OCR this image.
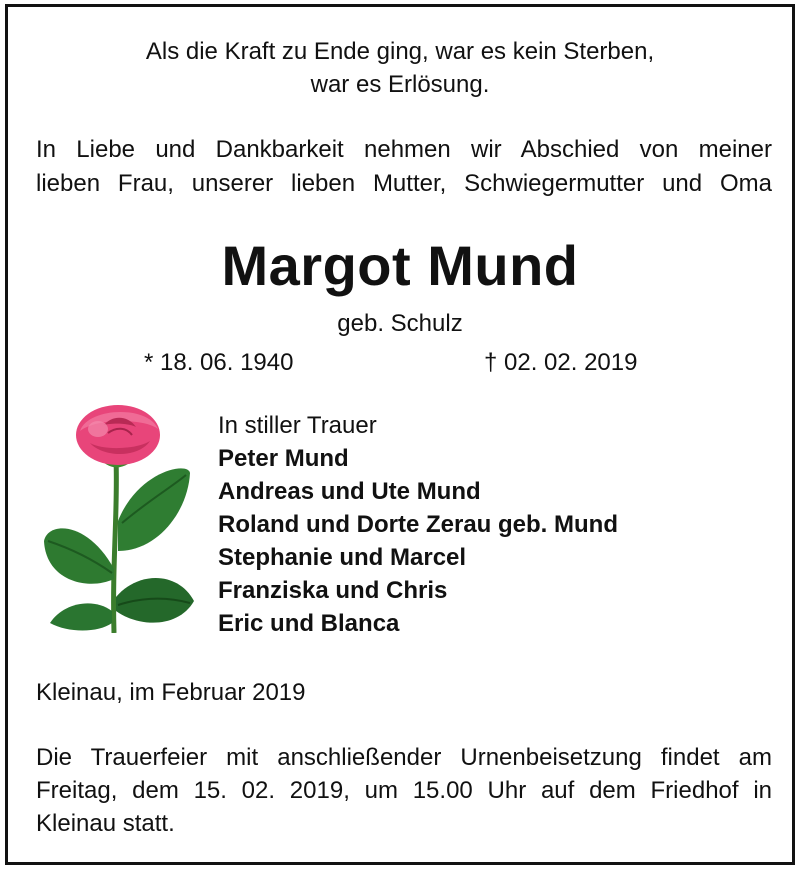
Als die Kraft zu Ende ging, war es kein Sterben,
war es Erlösung.
In Liebe und Dankbarkeit nehmen wir Abschied von meiner
lieben Frau, unserer lieben Mutter, Schwiegermutter und Oma
Margot Mund
geb. Schulz
* 18. 06. 1940	† 02. 02. 2019
In stiller Trauer
Peter Mund
Andreas und Ute Mund
Roland und Dorte Zerau geb. Mund
Stephanie und Marcel
Franziska und Chris
Eric und Blanca
Kleinau, im Februar 2019
Die Trauerfeier mit anschließender Urnenbeisetzung findet am
Freitag, dem 15. 02. 2019, um 15.00 Uhr auf dem Friedhof in
Kleinau statt.
